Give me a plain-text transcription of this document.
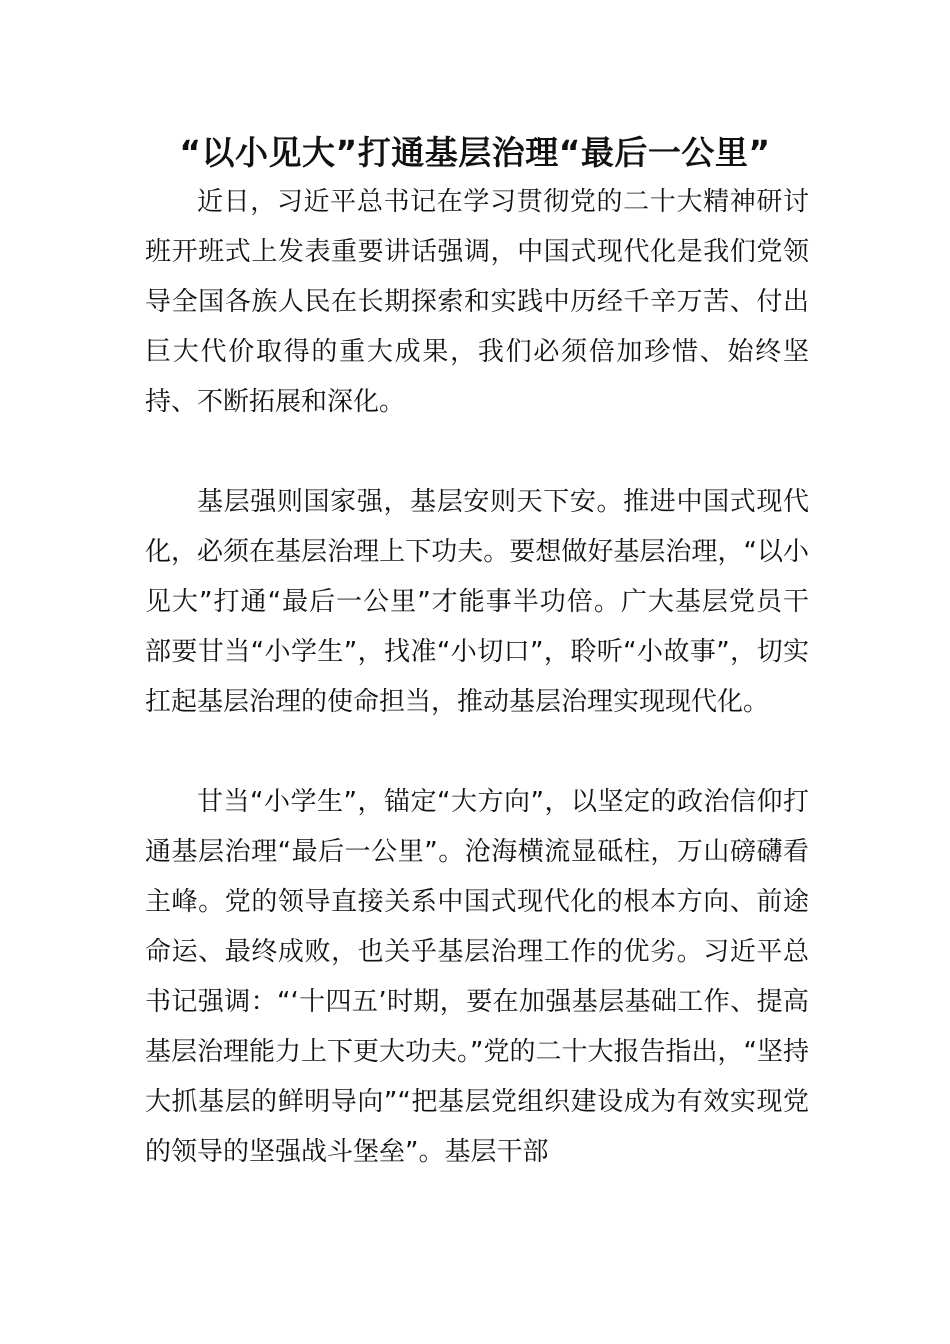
“以小见大”打通基层治理“最后一公里”

近日，习近平总书记在学习贯彻党的二十大精神研讨班开班式上发表重要讲话强调，中国式现代化是我们党领导全国各族人民在长期探索和实践中历经千辛万苦、付出巨大代价取得的重大成果，我们必须倍加珍惜、始终坚持、不断拓展和深化。

基层强则国家强，基层安则天下安。推进中国式现代化，必须在基层治理上下功夫。要想做好基层治理，“以小见大”打通“最后一公里”才能事半功倍。广大基层党员干部要甘当“小学生”，找准“小切口”，聆听“小故事”，切实扛起基层治理的使命担当，推动基层治理实现现代化。

甘当“小学生”，锚定“大方向”，以坚定的政治信仰打通基层治理“最后一公里”。沧海横流显砥柱，万山磅礴看主峰。党的领导直接关系中国式现代化的根本方向、前途命运、最终成败，也关乎基层治理工作的优劣。习近平总书记强调：“‘十四五’时期，要在加强基层基础工作、提高基层治理能力上下更大功夫。”党的二十大报告指出，“坚持大抓基层的鲜明导向”“把基层党组织建设成为有效实现党的领导的坚强战斗堡垒”。基层干部
